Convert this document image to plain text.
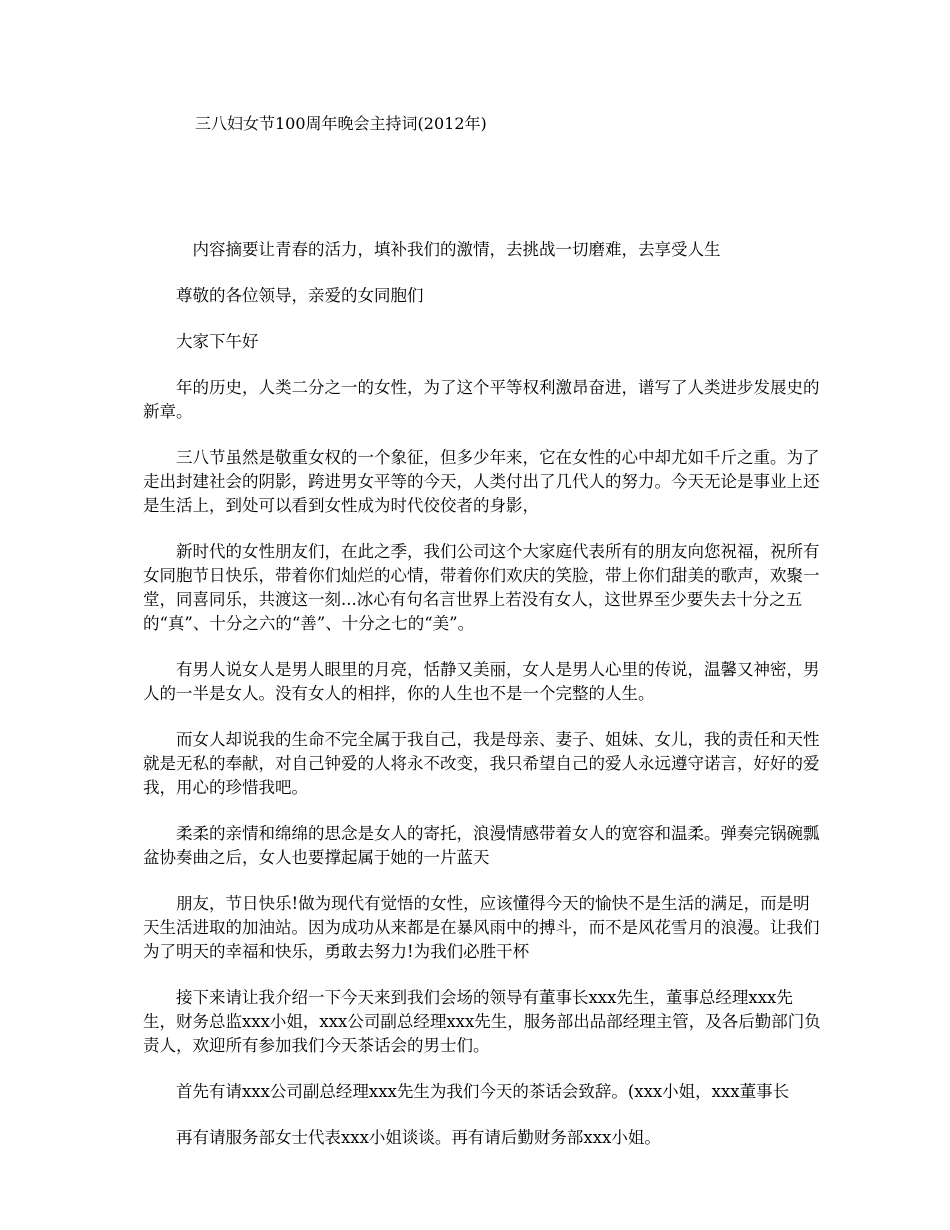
三八妇女节100周年晚会主持词(2012年)

内容摘要让青春的活力，填补我们的激情，去挑战一切磨难，去享受人生

尊敬的各位领导，亲爱的女同胞们

大家下午好

年的历史，人类二分之一的女性，为了这个平等权利激昂奋进，谱写了人类进步发展史的新章。

三八节虽然是敬重女权的一个象征，但多少年来，它在女性的心中却尤如千斤之重。为了走出封建社会的阴影，跨进男女平等的今天，人类付出了几代人的努力。今天无论是事业上还是生活上，到处可以看到女性成为时代佼佼者的身影，

新时代的女性朋友们，在此之季，我们公司这个大家庭代表所有的朋友向您祝福，祝所有女同胞节日快乐，带着你们灿烂的心情，带着你们欢庆的笑脸，带上你们甜美的歌声，欢聚一堂，同喜同乐，共渡这一刻...冰心有句名言世界上若没有女人，这世界至少要失去十分之五的“真”、十分之六的“善”、十分之七的“美”。

有男人说女人是男人眼里的月亮，恬静又美丽，女人是男人心里的传说，温馨又神密，男人的一半是女人。没有女人的相拌，你的人生也不是一个完整的人生。

而女人却说我的生命不完全属于我自己，我是母亲、妻子、姐妹、女儿，我的责任和天性就是无私的奉献，对自己钟爱的人将永不改变，我只希望自己的爱人永远遵守诺言，好好的爱我，用心的珍惜我吧。

柔柔的亲情和绵绵的思念是女人的寄托，浪漫情感带着女人的宽容和温柔。弹奏完锅碗瓢盆协奏曲之后，女人也要撑起属于她的一片蓝天

朋友，节日快乐!做为现代有觉悟的女性，应该懂得今天的愉快不是生活的满足，而是明天生活进取的加油站。因为成功从来都是在暴风雨中的搏斗，而不是风花雪月的浪漫。让我们为了明天的幸福和快乐，勇敢去努力!为我们必胜干杯

接下来请让我介绍一下今天来到我们会场的领导有董事长xxx先生，董事总经理xxx先生，财务总监xxx小姐，xxx公司副总经理xxx先生，服务部出品部经理主管，及各后勤部门负责人，欢迎所有参加我们今天茶话会的男士们。

首先有请xxx公司副总经理xxx先生为我们今天的茶话会致辞。(xxx小姐，xxx董事长

再有请服务部女士代表xxx小姐谈谈。再有请后勤财务部xxx小姐。
